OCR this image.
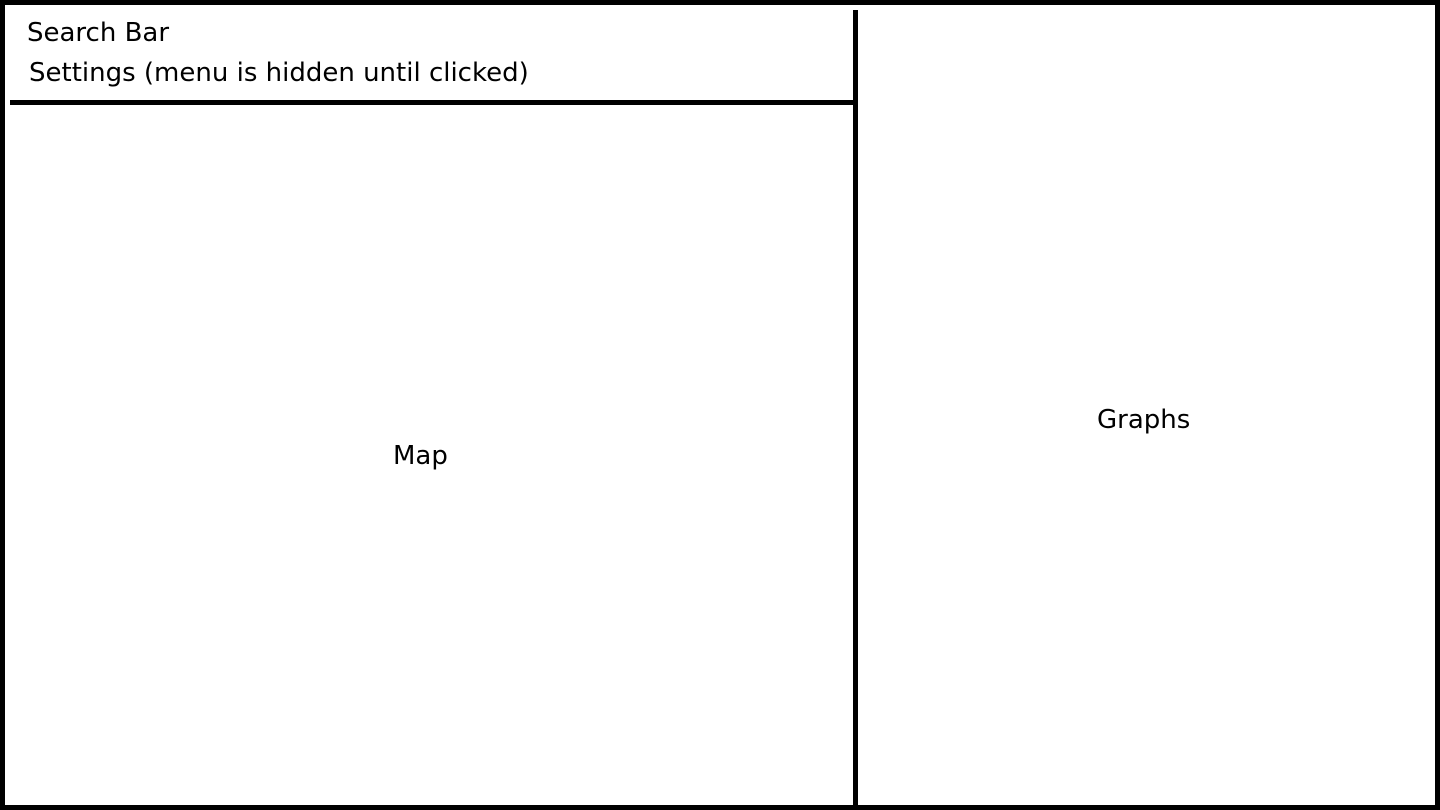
Search Bar
Settings (menu is hidden until clicked)
Map
Graphs
